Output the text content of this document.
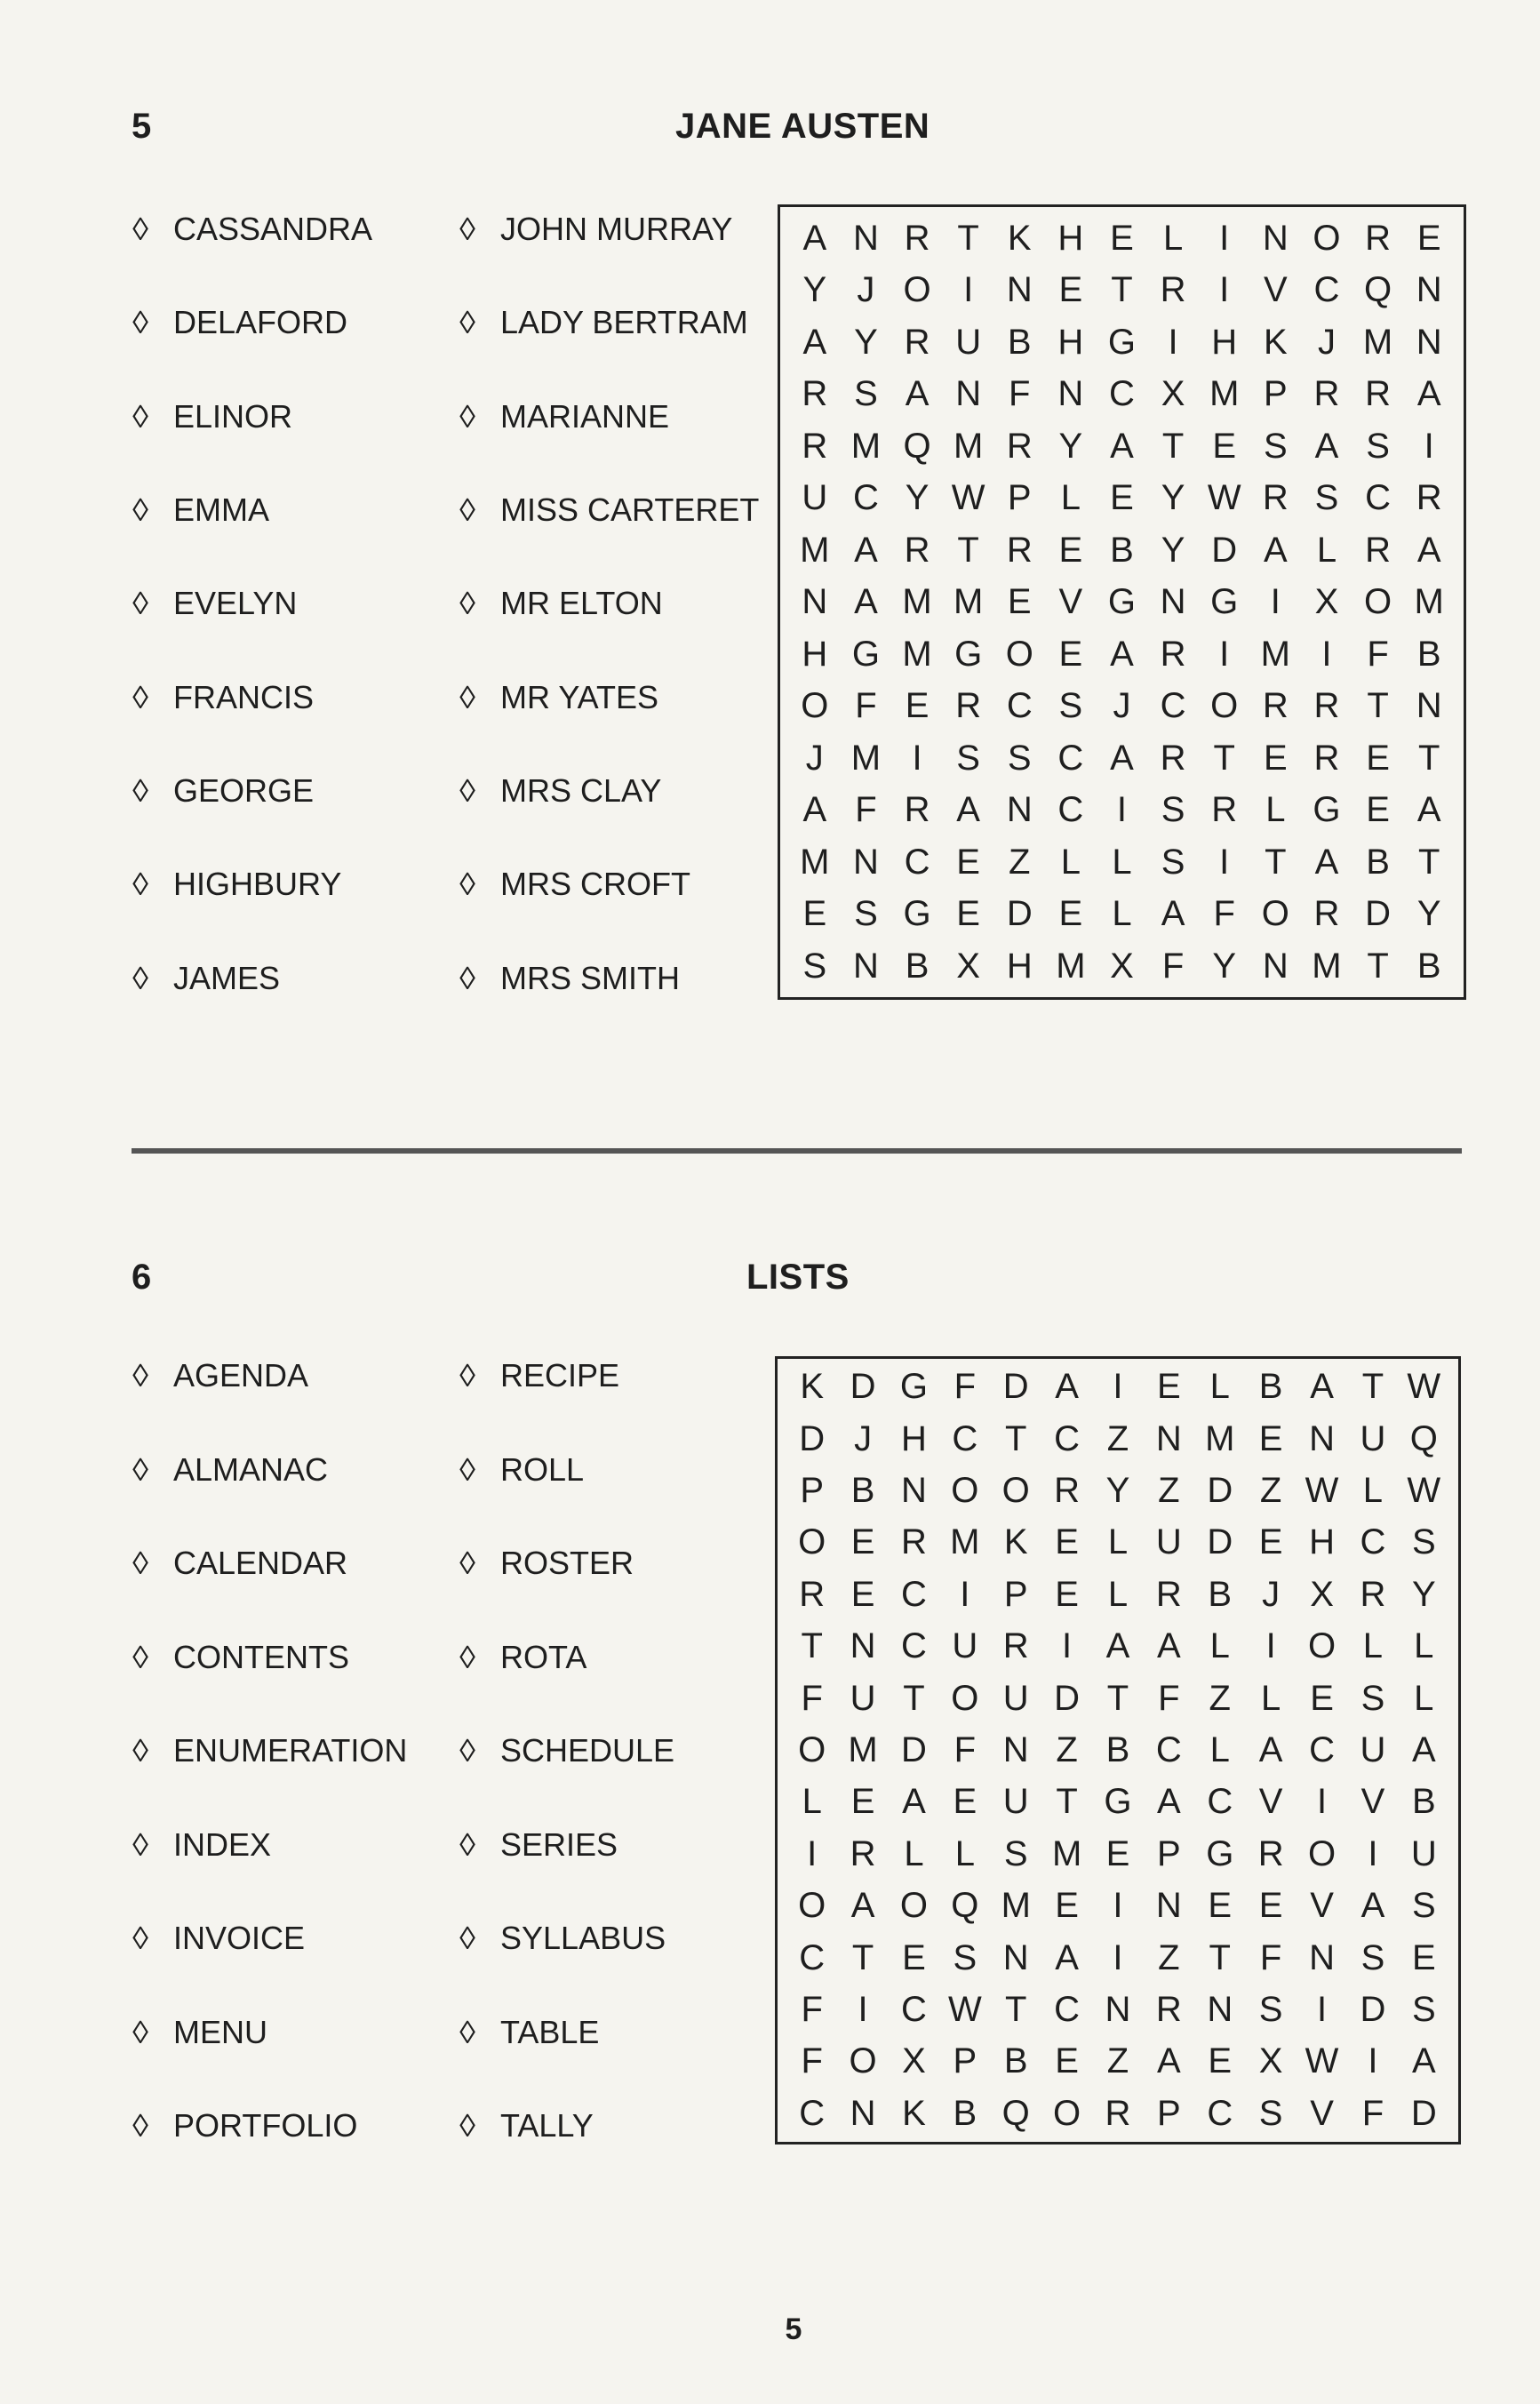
5	JANE AUSTEN
◊ CASSANDRA
◊ DELAFORD
◊ ELINOR
◊ EMMA
◊ EVELYN
◊ FRANCIS
◊ GEORGE
◊ HIGHBURY
◊ JAMES
◊ JOHN MURRAY
◊ LADY BERTRAM
◊ MARIANNE
◊ MISS CARTERET
◊ MR ELTON
◊ MR YATES
◊ MRS CLAY
◊ MRS CROFT
◊ MRS SMITH
A N R T K H E L	I N O R E
Y J O I N E T R I V C Q N
A Y R U B H G I H K J M N
R S A N F N C X M P R R A
R M Q M R Y A T E S A S I
U C Y W P L E Y W R S C R
M A R T R E B Y D A L R A
N A M M E V G N G I X O M
H G M G O E A R I M I F B
O F E R C S J C O R R T N
J M I S S C A R T E R E T
A F R A N C I S R L G E A
M N C E Z L L S I T A B T
E S G E D E L A F O R D Y
S N B X H M X F Y N M T B
6	LISTS
◊ AGENDA
◊ ALMANAC
◊ CALENDAR
◊ CONTENTS
◊ ENUMERATION
◊ INDEX
◊ INVOICE
◊ MENU
◊ PORTFOLIO
◊ RECIPE
◊ ROLL
◊ ROSTER
◊ ROTA
◊ SCHEDULE
◊ SERIES
◊ SYLLABUS
◊ TABLE
◊ TALLY
K D G F D A I E L B A T W
D J H C T C Z N M E N U Q
P B N O O R Y Z D Z W L W
O E R M K E L U D E H C S
R E C I P E L R B J X R Y
T N C U R I A A L	I O L L
F U T O U D T F Z L E S L
O M D F N Z B C L A C U A
L E A E U T G A C V I V B
I R L L S M E P G R O I U
O A O Q M E I N E E V A S
C T E S N A I Z T F N S E
F I C W T C N R N S I D S
F O X P B E Z A E X W I A
C N K B Q O R P C S V F D
5
